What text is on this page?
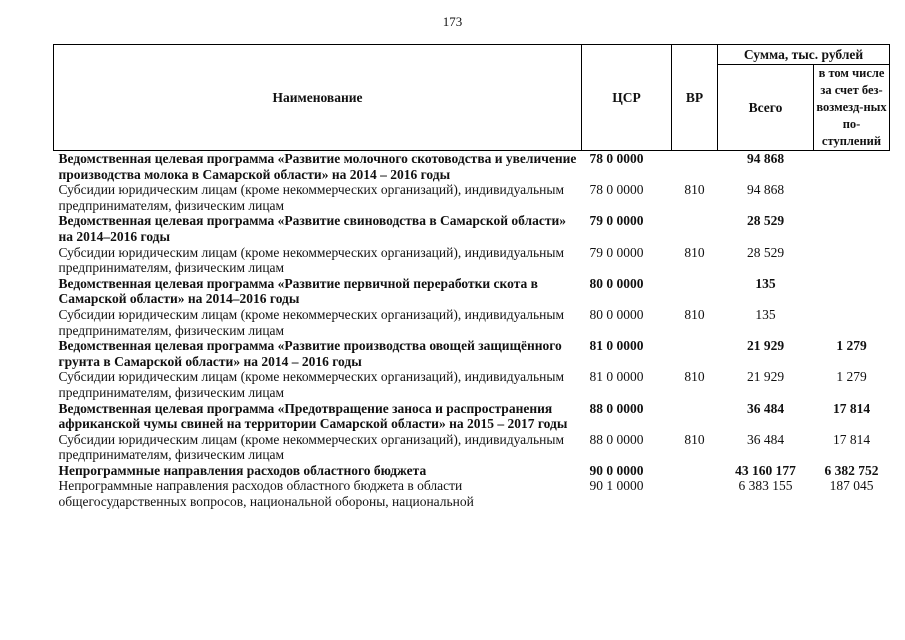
173
Наименование	ЦСР	ВР	Сумма, тыс. рублей	
			Всего	в том числе за счет без-возмезд-ных по-ступлений
Ведомственная целевая программа «Развитие молочного скотоводства и увеличение производства молока в Самарской области» на 2014 – 2016 годы	78 0 0000		94 868	
Субсидии юридическим лицам (кроме некоммерческих организаций), индивидуальным предпринимателям, физическим лицам	78 0 0000	810	94 868	
Ведомственная целевая программа «Развитие свиноводства в Самарской области» на 2014–2016 годы	79 0 0000		28 529	
Субсидии юридическим лицам (кроме некоммерческих организаций), индивидуальным предпринимателям, физическим лицам	79 0 0000	810	28 529	
Ведомственная целевая программа «Развитие первичной переработки скота в Самарской области» на 2014–2016 годы	80 0 0000		135	
Субсидии юридическим лицам (кроме некоммерческих организаций), индивидуальным предпринимателям, физическим лицам	80 0 0000	810	135	
Ведомственная целевая программа «Развитие производства овощей защищённого грунта в Самарской области» на 2014 – 2016 годы	81 0 0000		21 929	1 279
Субсидии юридическим лицам (кроме некоммерческих организаций), индивидуальным предпринимателям, физическим лицам	81 0 0000	810	21 929	1 279
Ведомственная целевая программа «Предотвращение заноса и распространения африканской чумы свиней на территории Самарской области» на 2015 – 2017 годы	88 0 0000		36 484	17 814
Субсидии юридическим лицам (кроме некоммерческих организаций), индивидуальным предпринимателям, физическим лицам	88 0 0000	810	36 484	17 814
Непрограммные направления расходов областного бюджета	90 0 0000		43 160 177	6 382 752
Непрограммные направления расходов областного бюджета в области общегосударственных вопросов, национальной обороны, национальной	90 1 0000		6 383 155	187 045
